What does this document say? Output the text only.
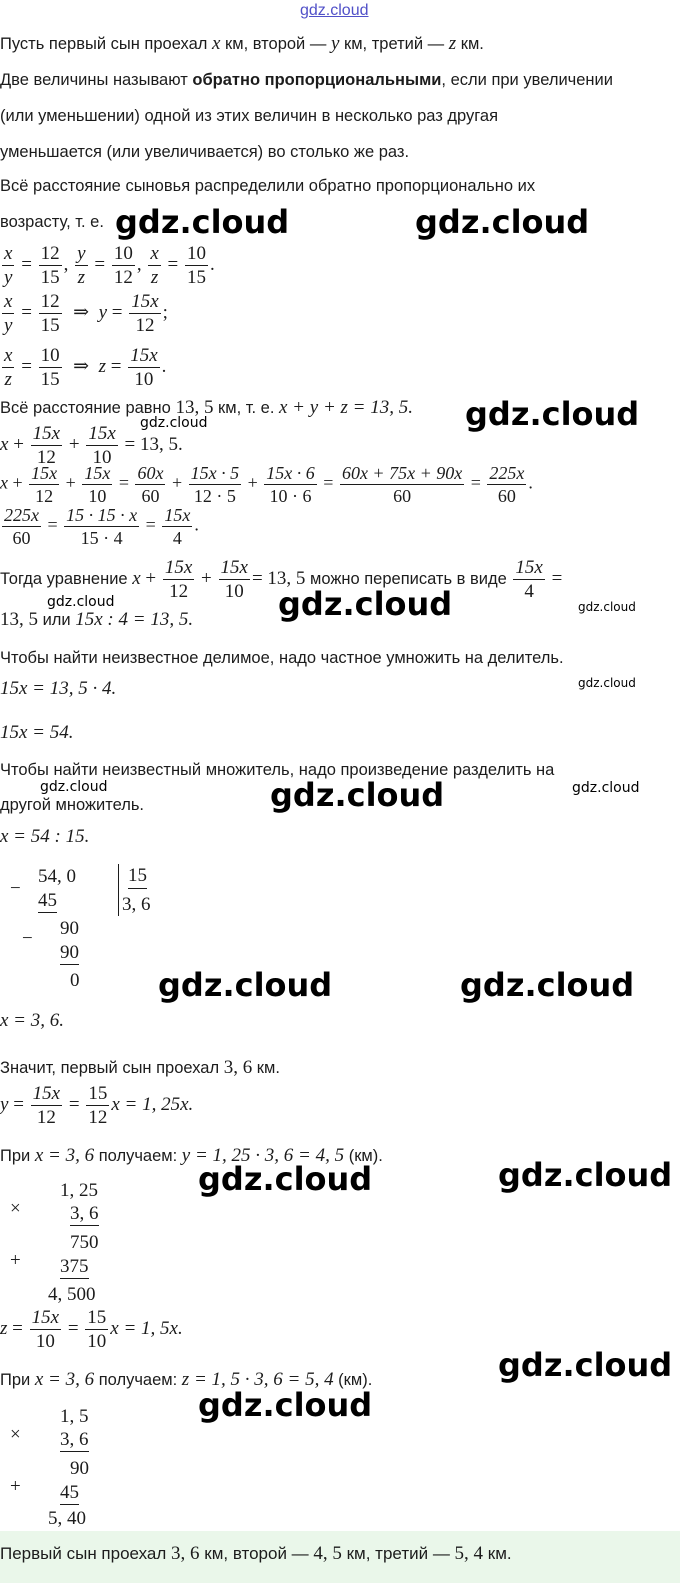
gdz.cloud
Пусть первый сын проехал x км, второй — y км, третий — z км.
Две величины называют обратно пропорциональными, если при увеличении
(или уменьшении) одной из этих величин в несколько раз другая
уменьшается (или увеличивается) во столько же раз.
Всё расстояние сыновья распределили обратно пропорционально их
возрасту, т. е.
$\frac{x}{y} = \frac{12}{15}$ , $\frac{y}{z} = \frac{10}{12}$ , $\frac{x}{z} = \frac{10}{15}$ .
$\frac{x}{y} = \frac{12}{15}$ ⇒  $y = \frac{15x}{12}$ ;
$\frac{x}{z} = \frac{10}{15}$ ⇒  $z = \frac{15x}{10}$ .
Всё расстояние равно 13, 5 км, т. е. x + y + z = 13, 5.
$x + \frac{15x}{12} + \frac{15x}{10} = 13$, 5.
$x + \frac{15x}{12} + \frac{15x}{10} = \frac{60x}{60} + \frac{15x \cdot 5}{12 \cdot 5} + \frac{15x \cdot 6}{10 \cdot 6} = \frac{60x + 75x + 90x}{60} = \frac{225x}{60}$ .
$\frac{225x}{60} = \frac{15 \cdot 15 \cdot x}{15 \cdot 4} = \frac{15x}{4}$ .
Тогда уравнение $x + \frac{15x}{12} + \frac{15x}{10} = 13$, 5 можно переписать в виде $\frac{15x}{4}$ =
13, 5 или 15x : 4 = 13, 5.
Чтобы найти неизвестное делимое, надо частное умножить на делитель.
15x = 13, 5 · 4.
15x = 54.
Чтобы найти неизвестный множитель, надо произведение разделить на
другой множитель.
x = 54 : 15.
−
54, 0
45
− 90
90
0
15
3, 6
x = 3, 6.
Значит, первый сын проехал 3, 6 км.
$y = \frac{15x}{12} = \frac{15}{12}$ x = 1, 25x.
При x = 3, 6 получаем: y = 1, 25 · 3, 6 = 4, 5 (км).
×
1, 25
3, 6
750
+ 375
4, 500
$z = \frac{15x}{10} = \frac{15}{10}$ x = 1, 5x.
При x = 3, 6 получаем: z = 1, 5 · 3, 6 = 5, 4 (км).
×
1, 5
3, 6
90
+ 45
5, 40
Первый сын проехал 3, 6 км, второй — 4, 5 км, третий — 5, 4 км.
gdz.cloud	gdz.cloud
gdz.cloud
gdz.cloud
gdz.cloud
gdz.cloud	gdz.cloud
gdz.cloud
gdz.cloud
gdz.cloud	gdz.cloud
gdz.cloud	gdz.cloud
gdz.cloud	gdz.cloud
gdz.cloud
gdz.cloud
